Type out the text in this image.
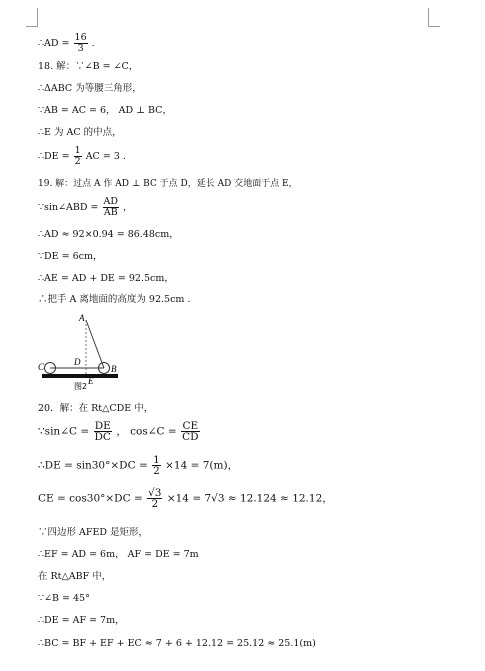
∴AD = $\frac{16}{3}$ .
18. 解：∵∠B = ∠C，
∴ΔABC 为等腰三角形，
∵AB = AC = 6， AD ⊥ BC，
∴E 为 AC 的中点，
∴DE = $\frac{1}{2}$ AC = 3 .
19. 解：过点 A 作 AD ⊥ BC 于点 D，延长 AD 交地面于点 E，
∵sin∠ABD = $\frac{AD}{AB}$ ，
∴AD ≈ 92×0.94 = 86.48cm，
∵DE = 6cm，
∴AE = AD + DE = 92.5cm，
∴把手 A 离地面的高度为 92.5cm .
A
C	D
B
E
图2
20．解：在 Rt△CDE 中，
∵sin∠C = $\frac{DE}{DC}$ ， cos∠C = $\frac{CE}{CD}$
∴DE = $\sin 30^\circ\times DC = \frac{1}{2} \times 14 = 7(m)$，
CE = $\cos 30^\circ\times DC = \frac{√3}{2} \times 14 = 7√3 \approx 12.124 \approx 12.12$，
∵四边形 AFED 是矩形，
∴EF = AD = 6m， AF = DE = 7m
在 Rt△ABF 中，
∵∠B = 45°
∴DE = AF = 7m，
∴BC = BF + EF + EC ≈ 7 + 6 + 12.12 = 25.12 ≈ 25.1(m)
